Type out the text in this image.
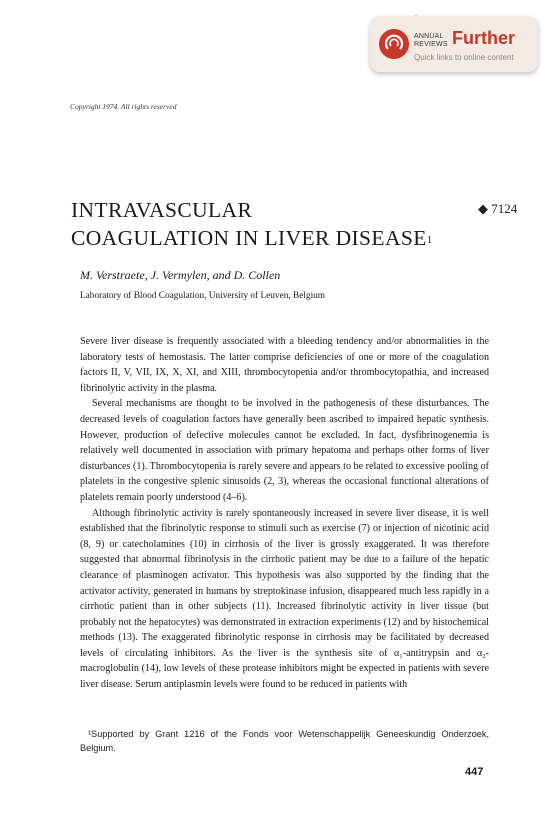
ANNUAL
REVIEWS Further
Quick links to online content
Copyright 1974. All rights reserved
INTRAVASCULAR
COAGULATION IN LIVER DISEASE$^1$
◆ 7124
M. Verstraete, J. Vermylen, and D. Collen
Laboratory of Blood Coagulation, University of Leuven, Belgium

Severe liver disease is frequently associated with a bleeding tendency and/or abnormalities in the laboratory tests of hemostasis. The latter comprise deficiencies of one or more of the coagulation factors II, V, VII, IX, X, XI, and XIII, thrombocytopenia and/or thrombocytopathia, and increased fibrinolytic activity in the plasma.

Several mechanisms are thought to be involved in the pathogenesis of these disturbances. The decreased levels of coagulation factors have generally been ascribed to impaired hepatic synthesis. However, production of defective molecules cannot be excluded. In fact, dysfibrinogenemia is relatively well documented in association with primary hepatoma and perhaps other forms of liver disturbances (1). Thrombocytopenia is rarely severe and appears to be related to excessive pooling of platelets in the congestive splenic sinusoids (2, 3), whereas the occasional functional alterations of platelets remain poorly understood (4–6).

Although fibrinolytic activity is rarely spontaneously increased in severe liver disease, it is well established that the fibrinolytic response to stimuli such as exercise (7) or injection of nicotinic acid (8, 9) or catecholamines (10) in cirrhosis of the liver is grossly exaggerated. It was therefore suggested that abnormal fibrinolysis in the cirrhotic patient may be due to a failure of the hepatic clearance of plasminogen activator. This hypothesis was also supported by the finding that the activator activity, generated in humans by streptokinase infusion, disappeared much less rapidly in a cirrhotic patient than in other subjects (11). Increased fibrinolytic activity in liver tissue (but probably not the hepatocytes) was demonstrated in extraction experiments (12) and by histochemical methods (13). The exaggerated fibrinolytic response in cirrhosis may be facilitated by decreased levels of circulating inhibitors. As the liver is the synthesis site of α₁-antitrypsin and α₂-macroglobulin (14), low levels of these protease inhibitors might be expected in patients with severe liver disease. Serum antiplasmin levels were found to be reduced in patients with

¹Supported by Grant 1216 of the Fonds voor Wetenschappelijk Geneeskundig Onderzoek, Belgium.

447
